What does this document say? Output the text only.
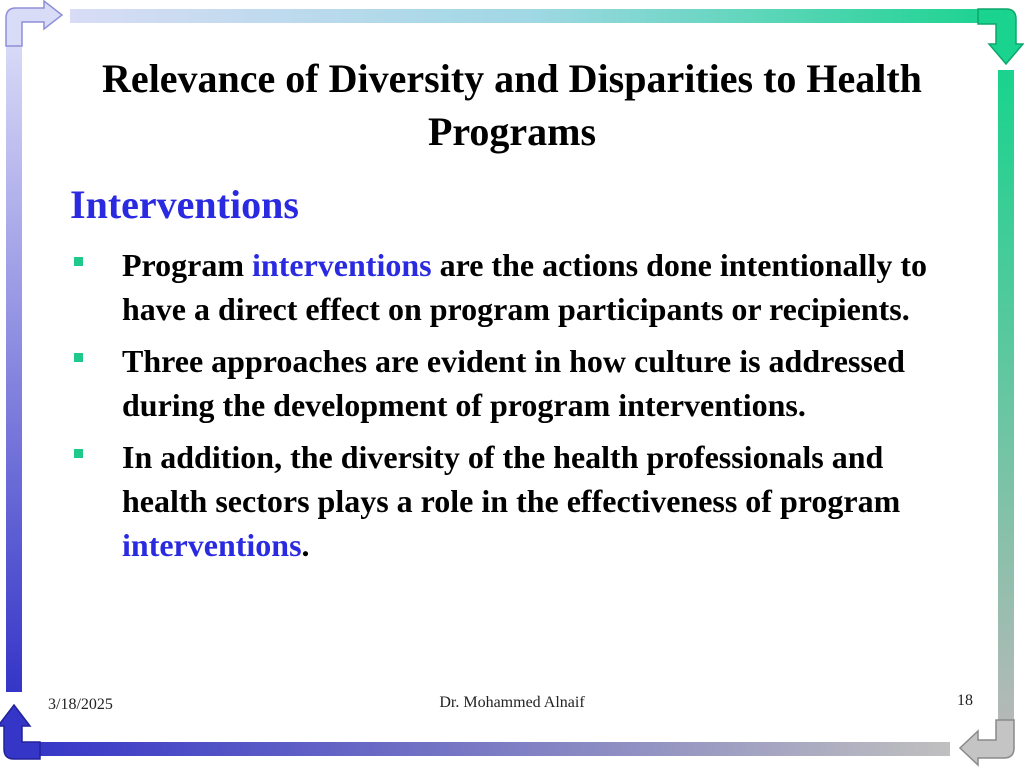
Relevance of Diversity and Disparities to Health Programs
Interventions
Program interventions are the actions done intentionally to have a direct effect on program participants or recipients.
Three approaches are evident in how culture is addressed during the development of program interventions.
In addition, the diversity of the health professionals and health sectors plays a role in the effectiveness of program interventions.
3/18/2025	Dr. Mohammed Alnaif	18
